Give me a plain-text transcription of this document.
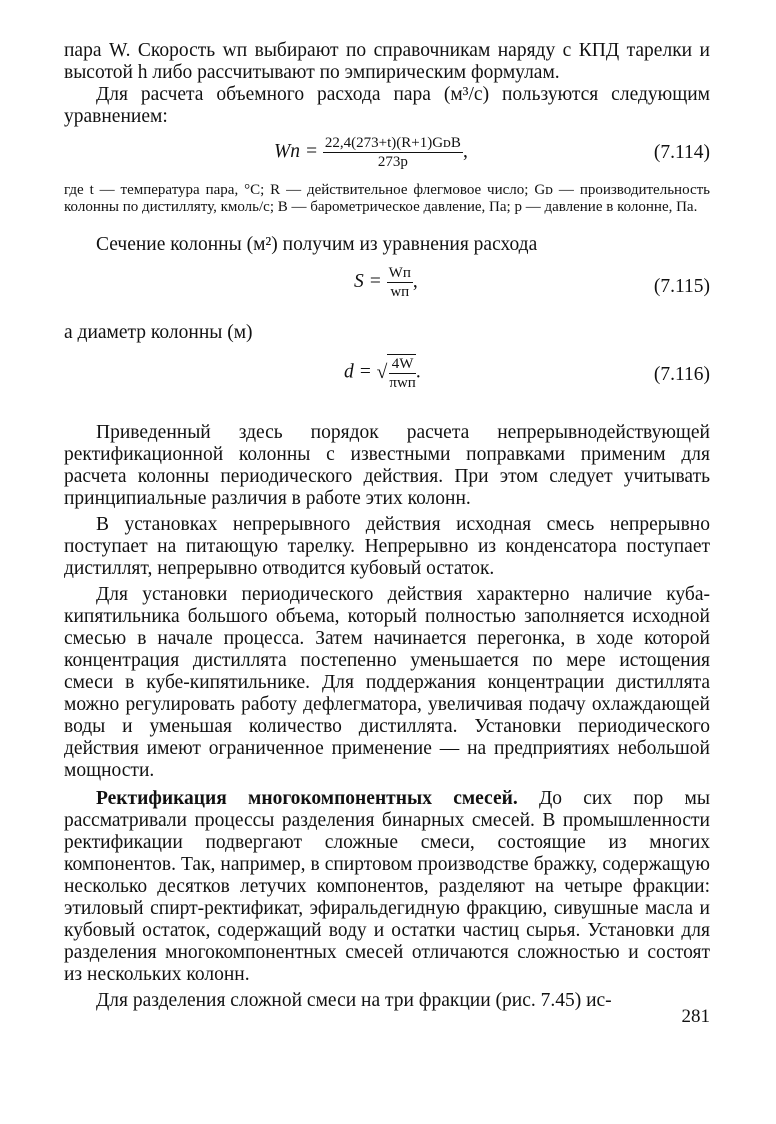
пара W. Скорость wп выбирают по справочникам наряду с КПД тарелки и высотой h либо рассчитывают по эмпирическим формулам.

Для расчета объемного расхода пара (м³/с) пользуются следующим уравнением:

Wп = $\frac{\text{22,4(273+t)(R+1)GᴅB}}{273p}$ ,	(7.114)

где t — температура пара, °С; R — действительное флегмовое число; Gᴅ — производительность колонны по дистилляту, кмоль/с; B — барометрическое давление, Па; p — давление в колонне, Па.

Сечение колонны (м²) получим из уравнения расхода

$S = \frac{Wп}{wп}$ ,	(7.115)

а диаметр колонны (м)

d = √ $\frac{4W}{\text{πwп}}$ .	(7.116)

Приведенный здесь порядок расчета непрерывнодействующей ректификационной колонны с известными поправками применим для расчета колонны периодического действия. При этом следует учитывать принципиальные различия в работе этих колонн.

В установках непрерывного действия исходная смесь непрерывно поступает на питающую тарелку. Непрерывно из конденсатора поступает дистиллят, непрерывно отводится кубовый остаток.

Для установки периодического действия характерно наличие куба-кипятильника большого объема, который полностью заполняется исходной смесью в начале процесса. Затем начинается перегонка, в ходе которой концентрация дистиллята постепенно уменьшается по мере истощения смеси в кубе-кипятильнике. Для поддержания концентрации дистиллята можно регулировать работу дефлегматора, увеличивая подачу охлаждающей воды и уменьшая количество дистиллята. Установки периодического действия имеют ограниченное применение — на предприятиях небольшой мощности.

Ректификация многокомпонентных смесей. До сих пор мы рассматривали процессы разделения бинарных смесей. В промышленности ректификации подвергают сложные смеси, состоящие из многих компонентов. Так, например, в спиртовом производстве бражку, содержащую несколько десятков летучих компонентов, разделяют на четыре фракции: этиловый спирт-ректификат, эфиральдегидную фракцию, сивушные масла и кубовый остаток, содержащий воду и остатки частиц сырья. Установки для разделения многокомпонентных смесей отличаются сложностью и состоят из нескольких колонн.

Для разделения сложной смеси на три фракции (рис. 7.45) ис-

281
